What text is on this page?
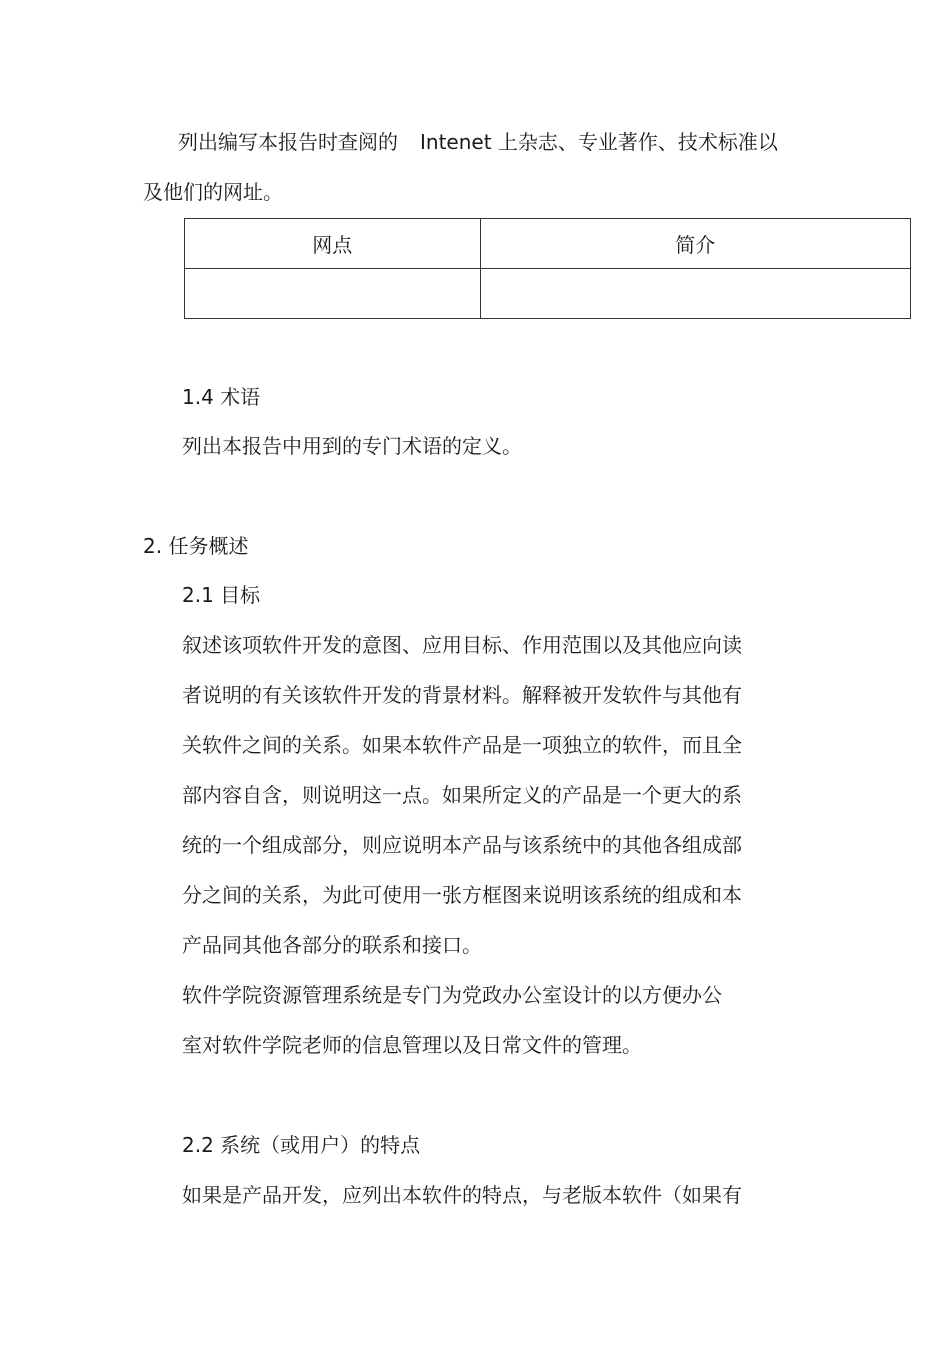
列出编写本报告时查阅的 Intenet 上杂志、专业著作、技术标准以
及他们的网址。
网点	简介

1.4 术语
列出本报告中用到的专门术语的定义。
2. 任务概述
2.1 目标
叙述该项软件开发的意图、应用目标、作用范围以及其他应向读
者说明的有关该软件开发的背景材料。解释被开发软件与其他有
关软件之间的关系。如果本软件产品是一项独立的软件，而且全
部内容自含，则说明这一点。如果所定义的产品是一个更大的系
统的一个组成部分，则应说明本产品与该系统中的其他各组成部
分之间的关系，为此可使用一张方框图来说明该系统的组成和本
产品同其他各部分的联系和接口。
软件学院资源管理系统是专门为党政办公室设计的以方便办公
室对软件学院老师的信息管理以及日常文件的管理。
2.2 系统（或用户）的特点
如果是产品开发，应列出本软件的特点，与老版本软件（如果有
